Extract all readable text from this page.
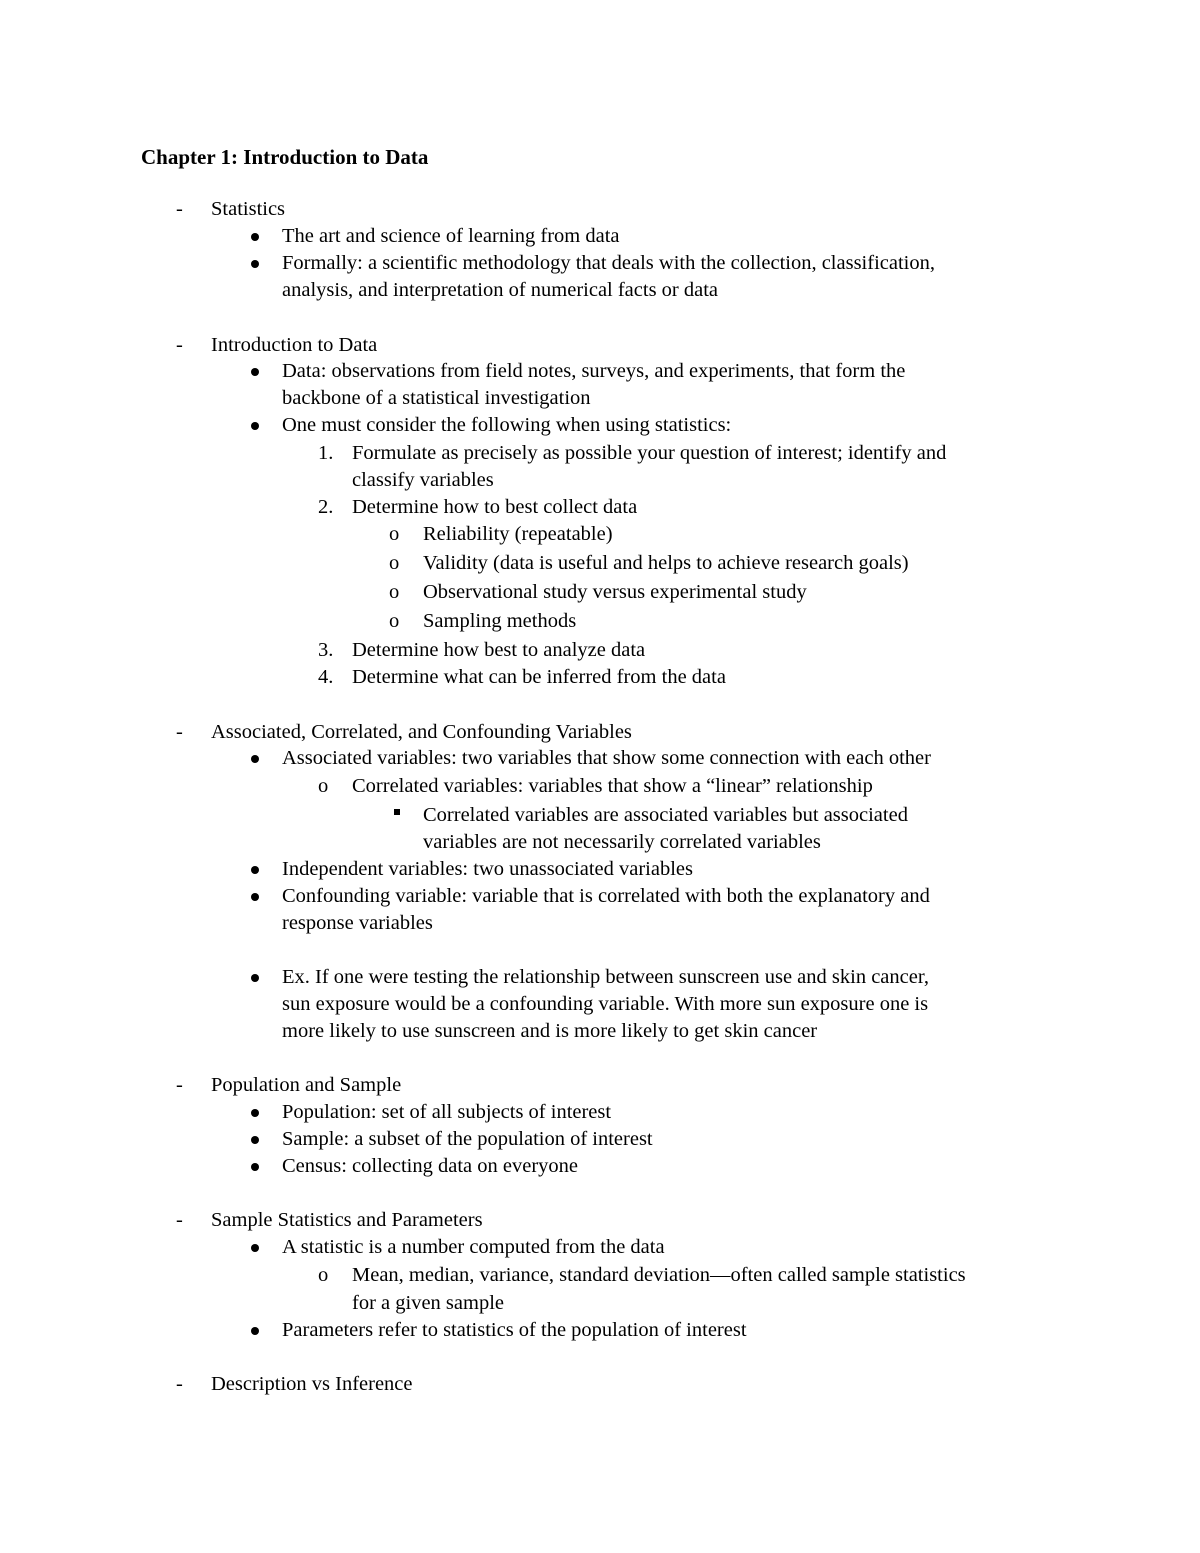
Chapter 1: Introduction to Data
- Statistics
The art and science of learning from data
Formally: a scientific methodology that deals with the collection, classification,
analysis, and interpretation of numerical facts or data
- Introduction to Data
Data: observations from field notes, surveys, and experiments, that form the
backbone of a statistical investigation
One must consider the following when using statistics:
1. Formulate as precisely as possible your question of interest; identify and
classify variables
2. Determine how to best collect data
o Reliability (repeatable)
o Validity (data is useful and helps to achieve research goals)
o Observational study versus experimental study
o Sampling methods
3. Determine how best to analyze data
4. Determine what can be inferred from the data
- Associated, Correlated, and Confounding Variables
Associated variables: two variables that show some connection with each other
o Correlated variables: variables that show a “linear” relationship
Correlated variables are associated variables but associated
variables are not necessarily correlated variables
Independent variables: two unassociated variables
Confounding variable: variable that is correlated with both the explanatory and
response variables
Ex. If one were testing the relationship between sunscreen use and skin cancer,
sun exposure would be a confounding variable. With more sun exposure one is
more likely to use sunscreen and is more likely to get skin cancer
- Population and Sample
Population: set of all subjects of interest
Sample: a subset of the population of interest
Census: collecting data on everyone
- Sample Statistics and Parameters
A statistic is a number computed from the data
o Mean, median, variance, standard deviation—often called sample statistics
for a given sample
Parameters refer to statistics of the population of interest
- Description vs Inference
